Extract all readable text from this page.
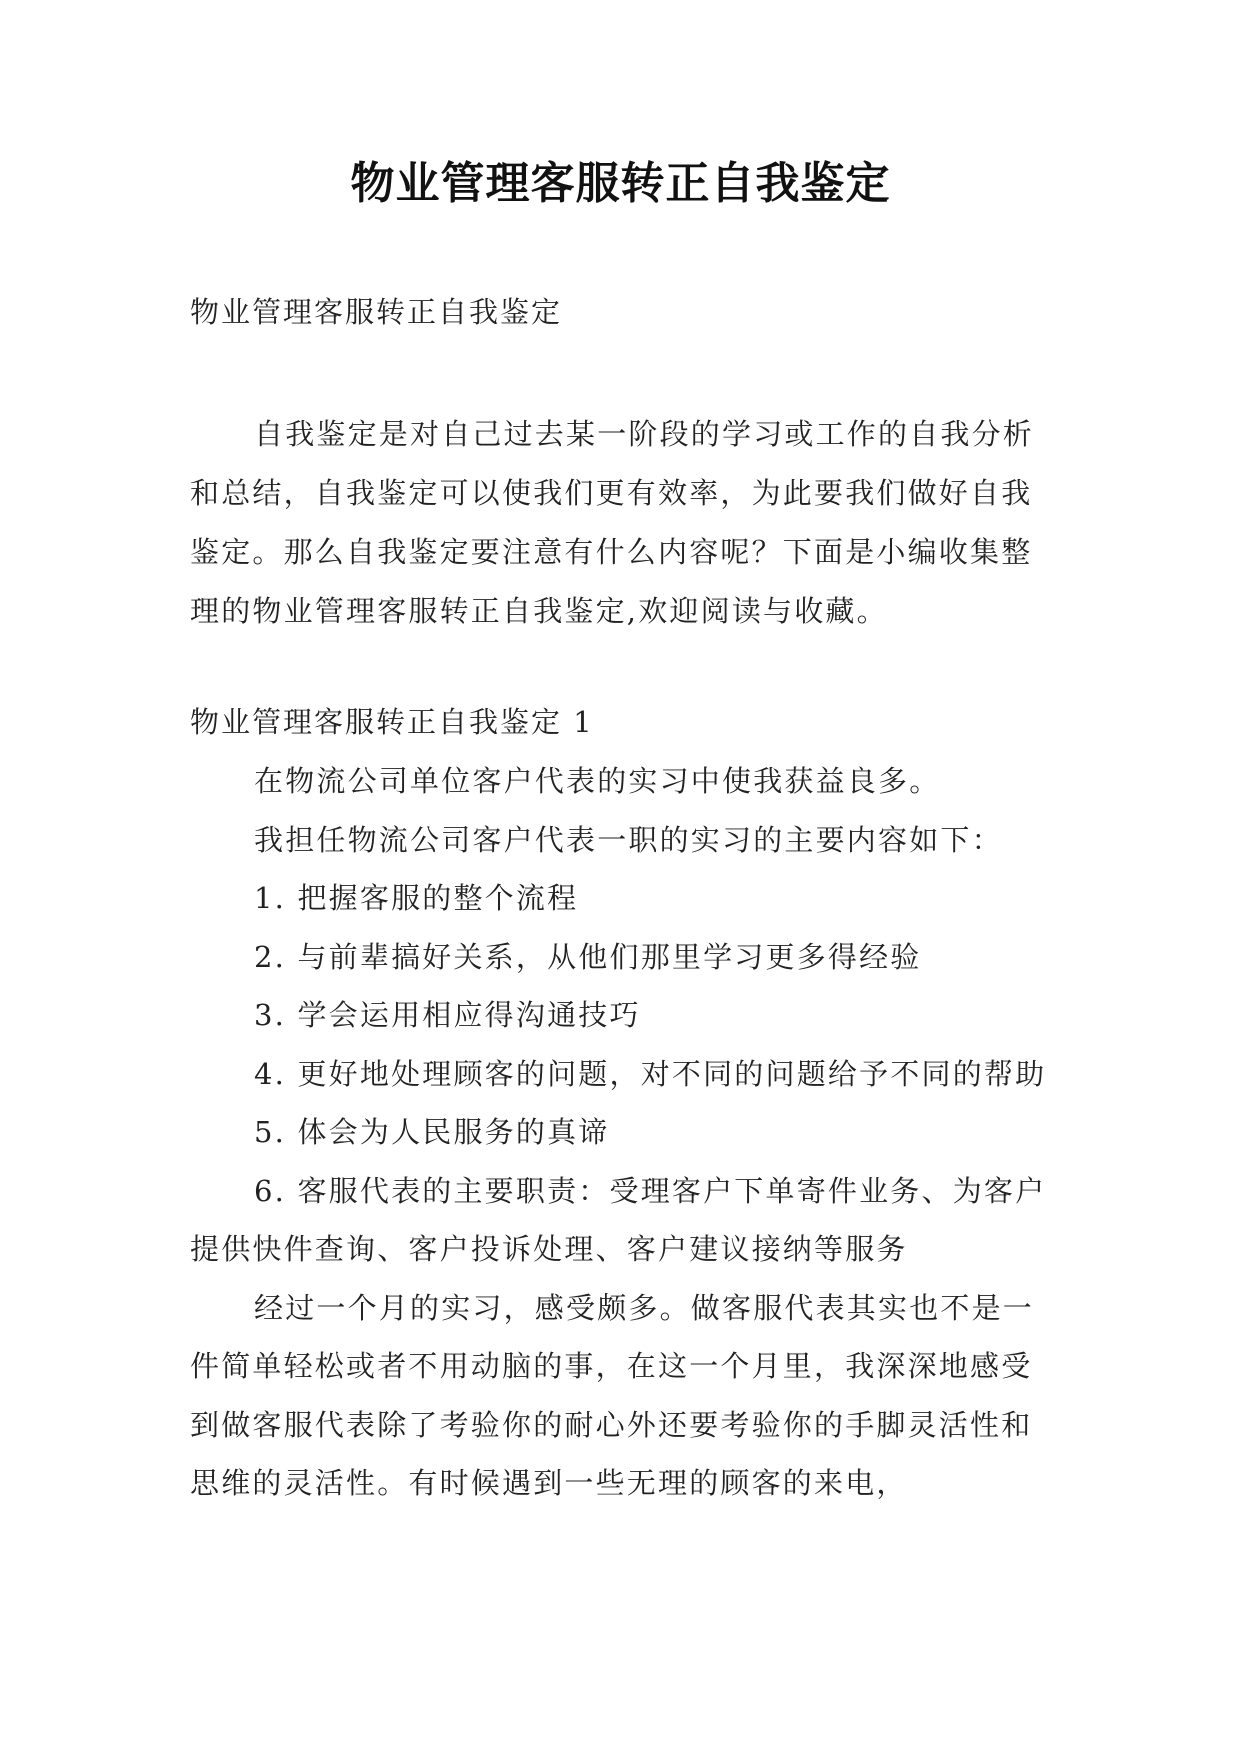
物业管理客服转正自我鉴定
物业管理客服转正自我鉴定
自我鉴定是对自己过去某一阶段的学习或工作的自我分析和总结，自我鉴定可以使我们更有效率，为此要我们做好自我鉴定。那么自我鉴定要注意有什么内容呢？下面是小编收集整理的物业管理客服转正自我鉴定,欢迎阅读与收藏。
物业管理客服转正自我鉴定 1

在物流公司单位客户代表的实习中使我获益良多。

我担任物流公司客户代表一职的实习的主要内容如下：

1. 把握客服的整个流程

2. 与前辈搞好关系，从他们那里学习更多得经验

3. 学会运用相应得沟通技巧

4. 更好地处理顾客的问题，对不同的问题给予不同的帮助

5. 体会为人民服务的真谛

6. 客服代表的主要职责：受理客户下单寄件业务、为客户提供快件查询、客户投诉处理、客户建议接纳等服务

经过一个月的实习，感受颇多。做客服代表其实也不是一件简单轻松或者不用动脑的事，在这一个月里，我深深地感受到做客服代表除了考验你的耐心外还要考验你的手脚灵活性和思维的灵活性。有时候遇到一些无理的顾客的来电，
